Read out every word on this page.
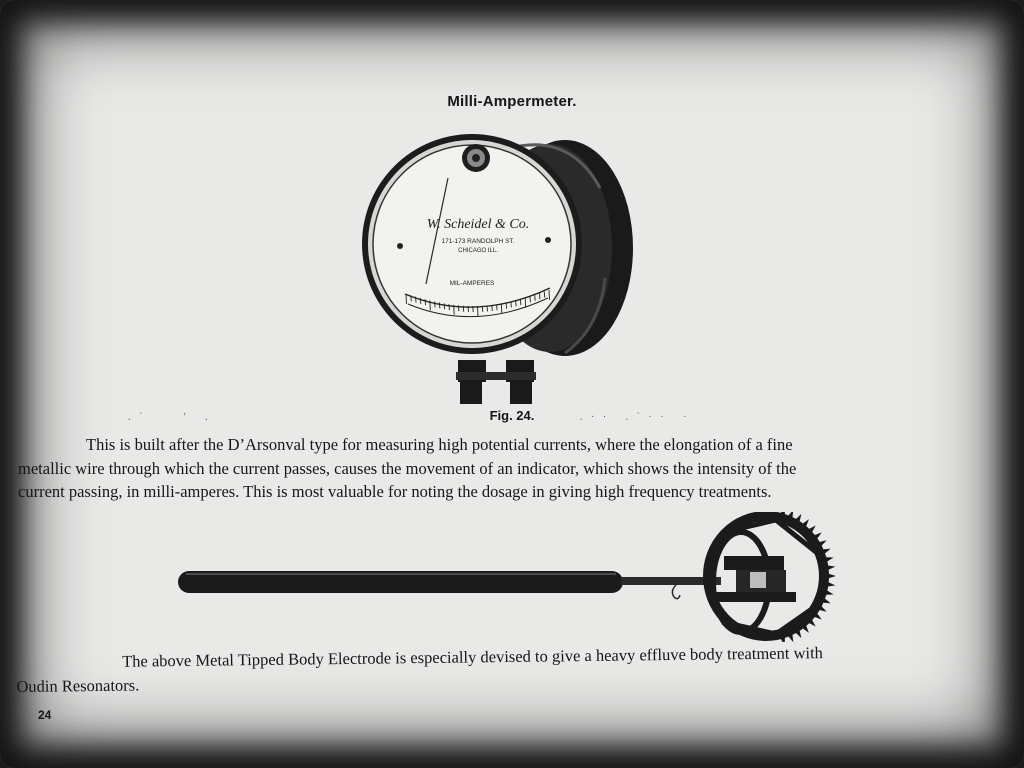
Milli-Ampermeter.
W. Scheidel & Co.
171-173 RANDOLPH ST.
CHICAGO ILL.
MIL-AMPERES
. ´       '   .	. · ·   . ` · ·   ·
Fig. 24.
This is built after the D’Arsonval type for measuring high potential currents, where the elongation of a fine
metallic wire through which the current passes, causes the movement of an indicator, which shows the intensity of the
current passing, in milli-amperes. This is most valuable for noting the dosage in giving high frequency treatments.
The above Metal Tipped Body Electrode is especially devised to give a heavy effluve body treatment with
Oudin Resonators.
24
